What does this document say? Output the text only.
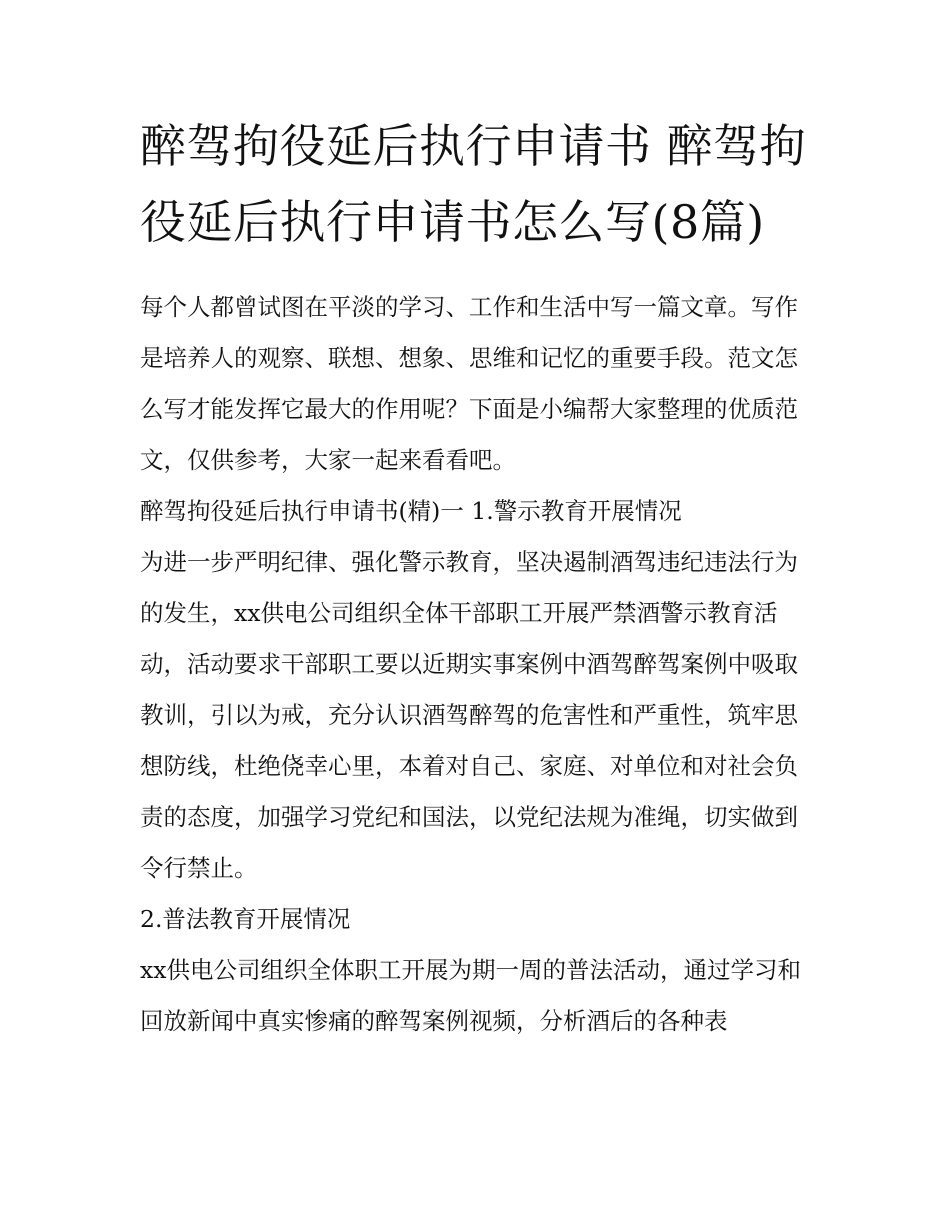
醉驾拘役延后执行申请书 醉驾拘役延后执行申请书怎么写(8篇)

每个人都曾试图在平淡的学习、工作和生活中写一篇文章。写作是培养人的观察、联想、想象、思维和记忆的重要手段。范文怎么写才能发挥它最大的作用呢？下面是小编帮大家整理的优质范文，仅供参考，大家一起来看看吧。

醉驾拘役延后执行申请书(精)一 1.警示教育开展情况

为进一步严明纪律、强化警示教育，坚决遏制酒驾违纪违法行为的发生，xx供电公司组织全体干部职工开展严禁酒警示教育活动，活动要求干部职工要以近期实事案例中酒驾醉驾案例中吸取教训，引以为戒，充分认识酒驾醉驾的危害性和严重性，筑牢思想防线，杜绝侥幸心里，本着对自己、家庭、对单位和对社会负责的态度，加强学习党纪和国法，以党纪法规为准绳，切实做到令行禁止。

2.普法教育开展情况

xx供电公司组织全体职工开展为期一周的普法活动，通过学习和回放新闻中真实惨痛的醉驾案例视频，分析酒后的各种表
